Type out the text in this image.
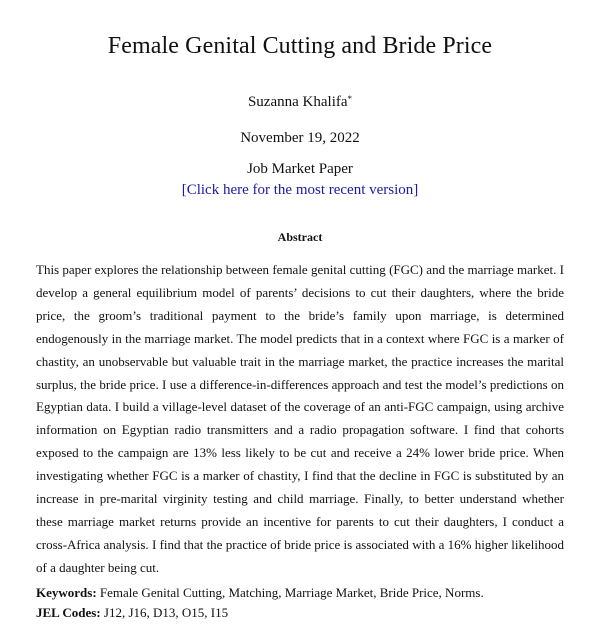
Female Genital Cutting and Bride Price
Suzanna Khalifa*
November 19, 2022
Job Market Paper
[Click here for the most recent version]
Abstract
This paper explores the relationship between female genital cutting (FGC) and the marriage market. I develop a general equilibrium model of parents’ decisions to cut their daughters, where the bride price, the groom’s traditional payment to the bride’s family upon marriage, is determined endogenously in the marriage market. The model predicts that in a context where FGC is a marker of chastity, an unobservable but valuable trait in the marriage market, the practice increases the marital surplus, the bride price. I use a difference-in-differences approach and test the model’s predictions on Egyptian data. I build a village-level dataset of the coverage of an anti-FGC campaign, using archive information on Egyptian radio transmitters and a radio propagation software. I find that cohorts exposed to the campaign are 13% less likely to be cut and receive a 24% lower bride price. When investigating whether FGC is a marker of chastity, I find that the decline in FGC is substituted by an increase in pre-marital virginity testing and child marriage. Finally, to better understand whether these marriage market returns provide an incentive for parents to cut their daughters, I conduct a cross-Africa analysis. I find that the practice of bride price is associated with a 16% higher likelihood of a daughter being cut.
Keywords: Female Genital Cutting, Matching, Marriage Market, Bride Price, Norms.
JEL Codes: J12, J16, D13, O15, I15
